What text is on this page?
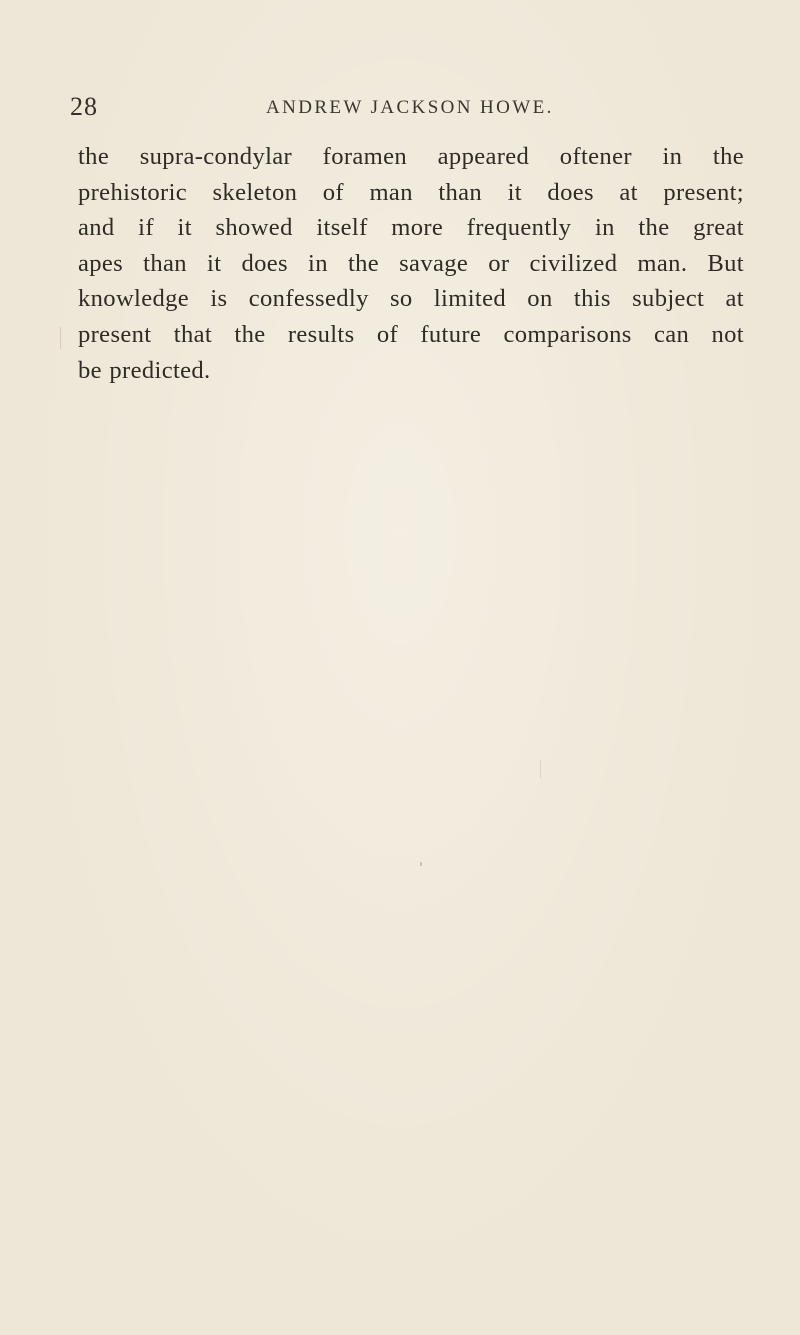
28	ANDREW JACKSON HOWE.
the supra-condylar foramen appeared oftener in the
prehistoric skeleton of man than it does at present;
and if it showed itself more frequently in the great
apes than it does in the savage or civilized man. But
knowledge is confessedly so limited on this subject at
present that the results of future comparisons can not
be predicted.
